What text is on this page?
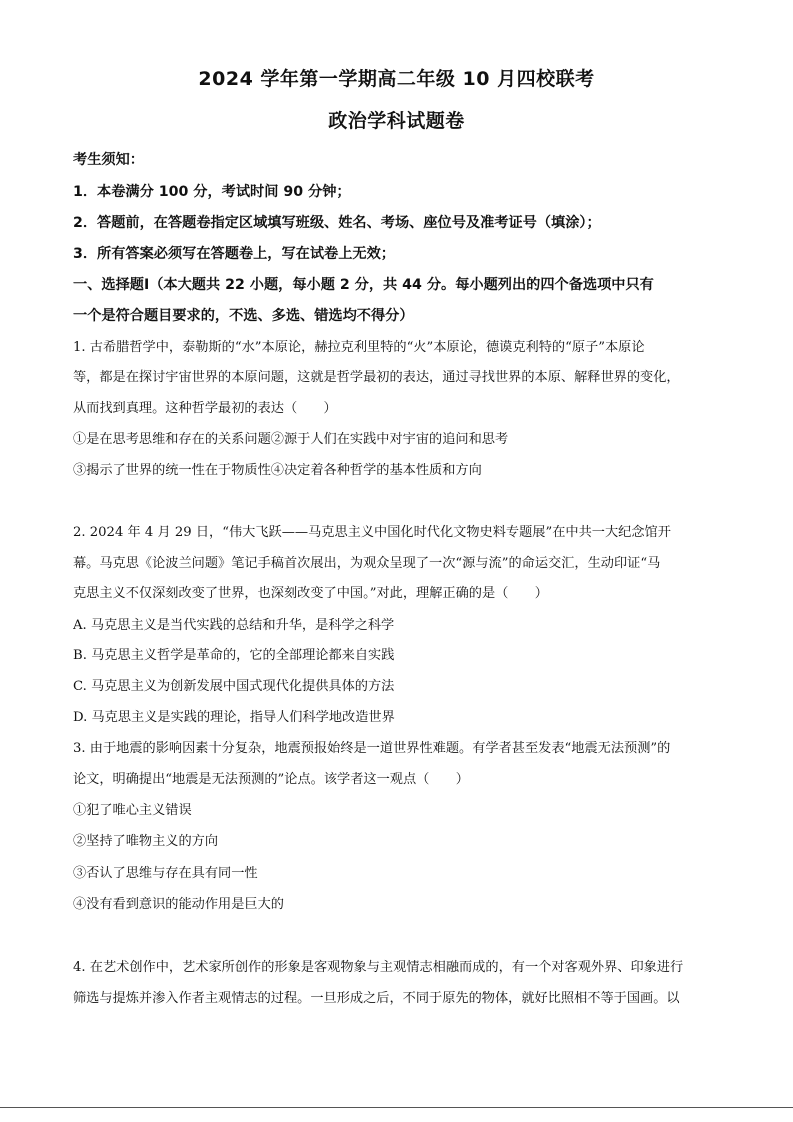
2024 学年第一学期高二年级 10 月四校联考
政治学科试题卷
考生须知：
1．本卷满分 100 分，考试时间 90 分钟；
2．答题前，在答题卷指定区域填写班级、姓名、考场、座位号及准考证号（填涂）；
3．所有答案必须写在答题卷上，写在试卷上无效；
一、选择题Ⅰ（本大题共 22 小题，每小题 2 分，共 44 分。每小题列出的四个备选项中只有
一个是符合题目要求的，不选、多选、错选均不得分）
1. 古希腊哲学中，泰勒斯的“水”本原论，赫拉克利里特的“火”本原论，德谟克利特的“原子”本原论
等，都是在探讨宇宙世界的本原问题，这就是哲学最初的表达，通过寻找世界的本原、解释世界的变化，
从而找到真理。这种哲学最初的表达（　　）
①是在思考思维和存在的关系问题②源于人们在实践中对宇宙的追问和思考
③揭示了世界的统一性在于物质性④决定着各种哲学的基本性质和方向
2. 2024 年 4 月 29 日，“伟大飞跃——马克思主义中国化时代化文物史料专题展”在中共一大纪念馆开
幕。马克思《论波兰问题》笔记手稿首次展出，为观众呈现了一次“源与流”的命运交汇，生动印证“马
克思主义不仅深刻改变了世界，也深刻改变了中国。”对此，理解正确的是（　　）
A. 马克思主义是当代实践的总结和升华，是科学之科学
B. 马克思主义哲学是革命的，它的全部理论都来自实践
C. 马克思主义为创新发展中国式现代化提供具体的方法
D. 马克思主义是实践的理论，指导人们科学地改造世界
3. 由于地震的影响因素十分复杂，地震预报始终是一道世界性难题。有学者甚至发表“地震无法预测”的
论文，明确提出“地震是无法预测的”论点。该学者这一观点（　　）
①犯了唯心主义错误
②坚持了唯物主义的方向
③否认了思维与存在具有同一性
④没有看到意识的能动作用是巨大的
4. 在艺术创作中，艺术家所创作的形象是客观物象与主观情志相融而成的，有一个对客观外界、印象进行
筛选与提炼并渗入作者主观情志的过程。一旦形成之后，不同于原先的物体，就好比照相不等于国画。以
